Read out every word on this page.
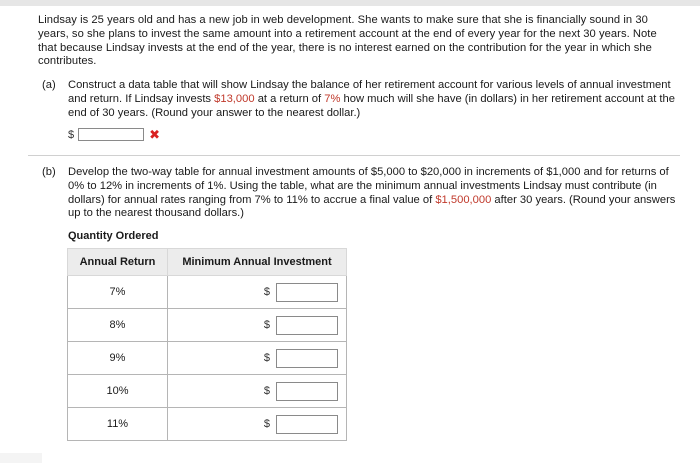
Lindsay is 25 years old and has a new job in web development. She wants to make sure that she is financially sound in 30 years, so she plans to invest the same amount into a retirement account at the end of every year for the next 30 years. Note that because Lindsay invests at the end of the year, there is no interest earned on the contribution for the year in which she contributes.

(a)	Construct a data table that will show Lindsay the balance of her retirement account for various levels of annual investment and return. If Lindsay invests $13,000 at a return of 7% how much will she have (in dollars) in her retirement account at the end of 30 years. (Round your answer to the nearest dollar.)
$	✖
(b)	Develop the two-way table for annual investment amounts of $5,000 to $20,000 in increments of $1,000 and for returns of 0% to 12% in increments of 1%. Using the table, what are the minimum annual investments Lindsay must contribute (in dollars) for annual rates ranging from 7% to 11% to accrue a final value of $1,500,000 after 30 years. (Round your answers up to the nearest thousand dollars.)
Quantity Ordered
Annual Return	Minimum Annual Investment
7%	$

8%	$

9%	$

10%	$

11%	$
